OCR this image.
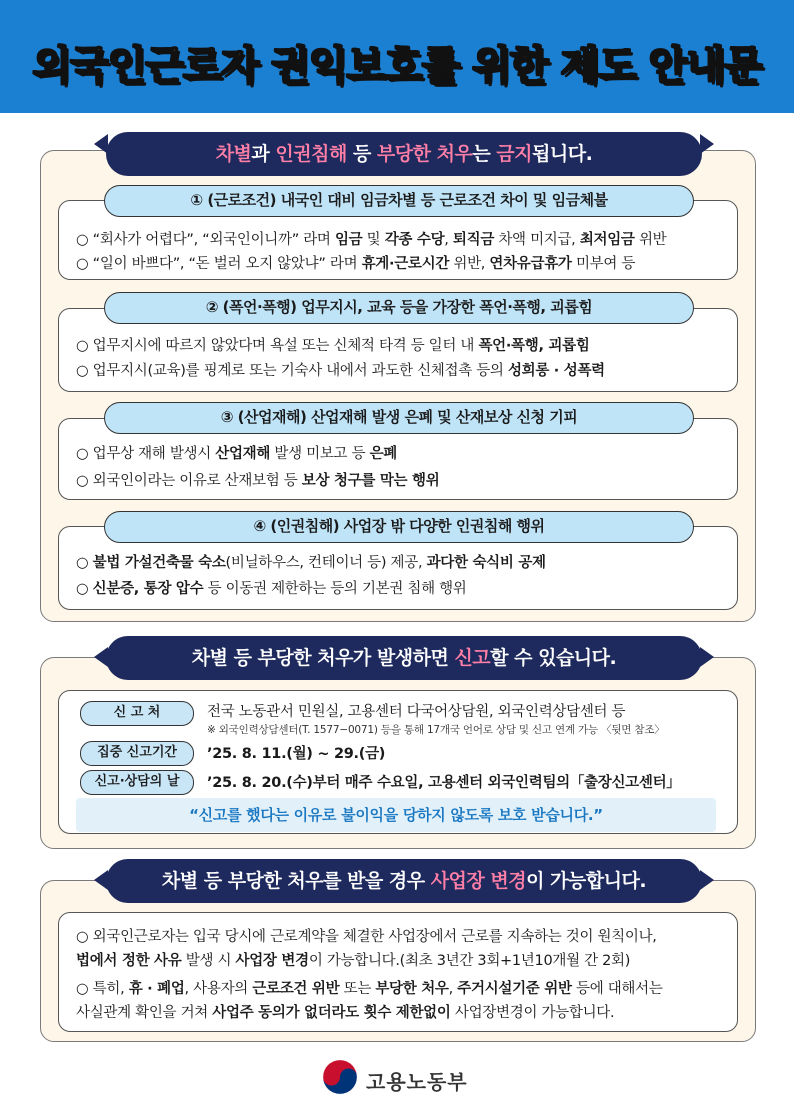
외국인근로자 권익보호를 위한 제도 안내문
차별과 인권침해 등 부당한 처우는 금지됩니다.
① (근로조건) 내국인 대비 임금차별 등 근로조건 차이 및 임금체불
○ “회사가 어렵다”, “외국인이니까” 라며 임금 및 각종 수당, 퇴직금 차액 미지급, 최저임금 위반
○ “일이 바쁘다”, “돈 벌러 오지 않았냐” 라며 휴게·근로시간 위반, 연차유급휴가 미부여 등
② (폭언·폭행) 업무지시, 교육 등을 가장한 폭언·폭행, 괴롭힘
○ 업무지시에 따르지 않았다며 욕설 또는 신체적 타격 등 일터 내 폭언·폭행, 괴롭힘
○ 업무지시(교육)를 핑계로 또는 기숙사 내에서 과도한 신체접촉 등의 성희롱 · 성폭력
③ (산업재해) 산업재해 발생 은폐 및 산재보상 신청 기피
○ 업무상 재해 발생시 산업재해 발생 미보고 등 은폐
○ 외국인이라는 이유로 산재보험 등 보상 청구를 막는 행위
④ (인권침해) 사업장 밖 다양한 인권침해 행위
○ 불법 가설건축물 숙소(비닐하우스, 컨테이너 등) 제공, 과다한 숙식비 공제
○ 신분증, 통장 압수 등 이동권 제한하는 등의 기본권 침해 행위
차별 등 부당한 처우가 발생하면 신고할 수 있습니다.
신 고 처	전국 노동관서 민원실, 고용센터 다국어상담원, 외국인력상담센터 등
※ 외국인력상담센터(T. 1577−0071) 등을 통해 17개국 언어로 상담 및 신고 연계 가능 〈뒷면 참조〉
집중 신고기간	’25. 8. 11.(월) ~ 29.(금)
신고·상담의 날	’25. 8. 20.(수)부터 매주 수요일, 고용센터 외국인력팀의「출장신고센터」
“신고를 했다는 이유로 불이익을 당하지 않도록 보호 받습니다.”
차별 등 부당한 처우를 받을 경우 사업장 변경이 가능합니다.
○ 외국인근로자는 입국 당시에 근로계약을 체결한 사업장에서 근로를 지속하는 것이 원칙이나,
법에서 정한 사유 발생 시 사업장 변경이 가능합니다.(최초 3년간 3회+1년10개월 간 2회)
○ 특히, 휴 · 폐업, 사용자의 근로조건 위반 또는 부당한 처우, 주거시설기준 위반 등에 대해서는
사실관계 확인을 거쳐 사업주 동의가 없더라도 횟수 제한없이 사업장변경이 가능합니다.
고용노동부
